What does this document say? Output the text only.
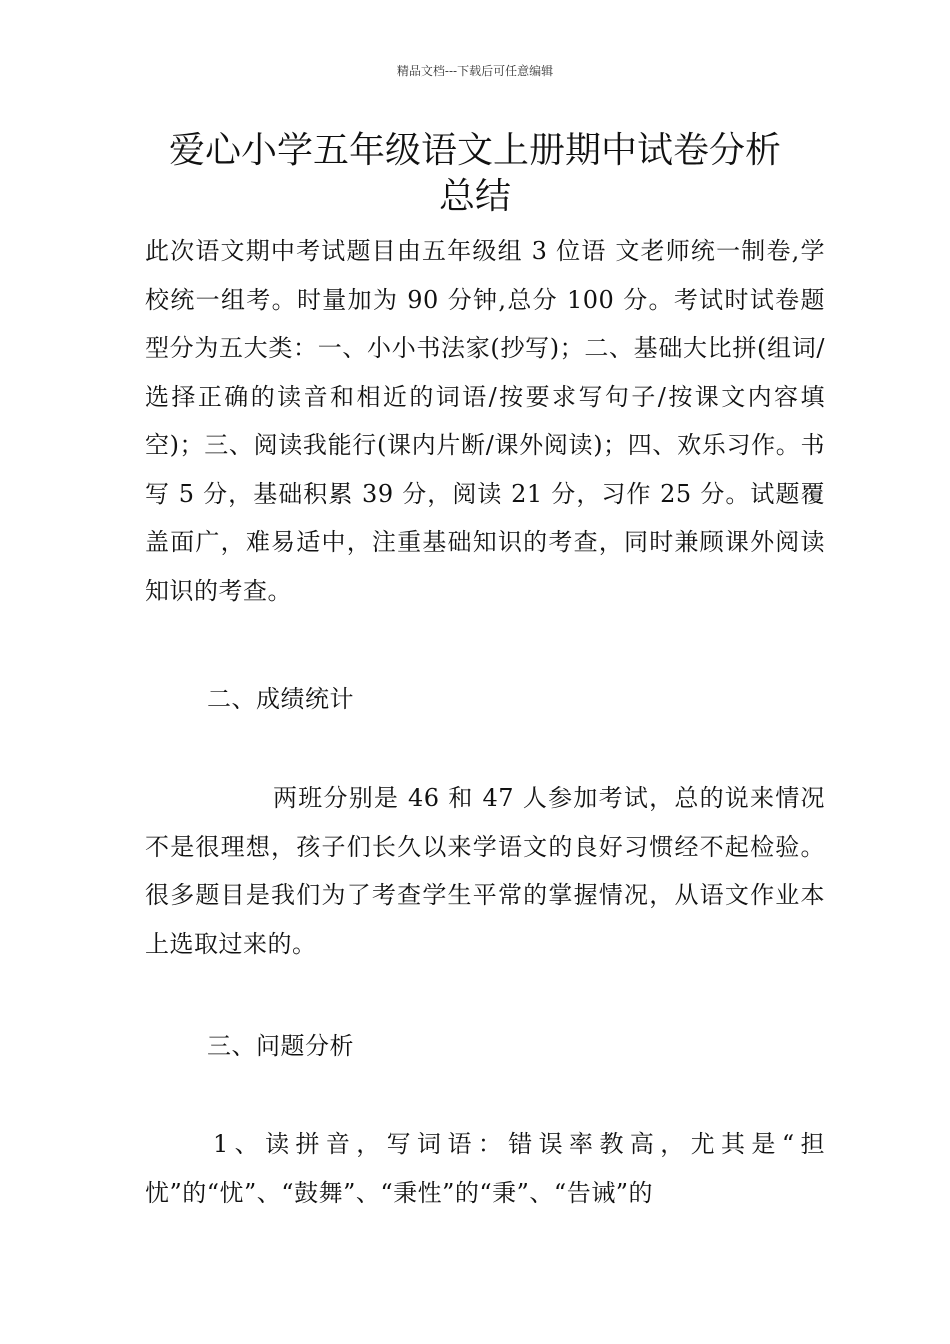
精品文档---下载后可任意编辑
爱心小学五年级语文上册期中试卷分析
总结

此次语文期中考试题目由五年级组 3 位语 文老师统一制卷,学校统一组考。时量加为 90 分钟,总分 100 分。考试时试卷题型分为五大类：一、小小书法家(抄写)；二、基础大比拼(组词/选择正确的读音和相近的词语/按要求写句子/按课文内容填空)；三、阅读我能行(课内片断/课外阅读)；四、欢乐习作。书写 5 分，基础积累 39 分，阅读 21 分，习作 25 分。试题覆盖面广，难易适中，注重基础知识的考查，同时兼顾课外阅读知识的考查。

二、成绩统计

两班分别是 46 和 47 人参加考试，总的说来情况不是很理想，孩子们长久以来学语文的良好习惯经不起检验。很多题目是我们为了考查学生平常的掌握情况，从语文作业本上选取过来的。

三、问题分析

1、读拼音，写词语：错误率教高，尤其是“担忧”的“忧”、“鼓舞”、“秉性”的“秉”、“告诫”的
